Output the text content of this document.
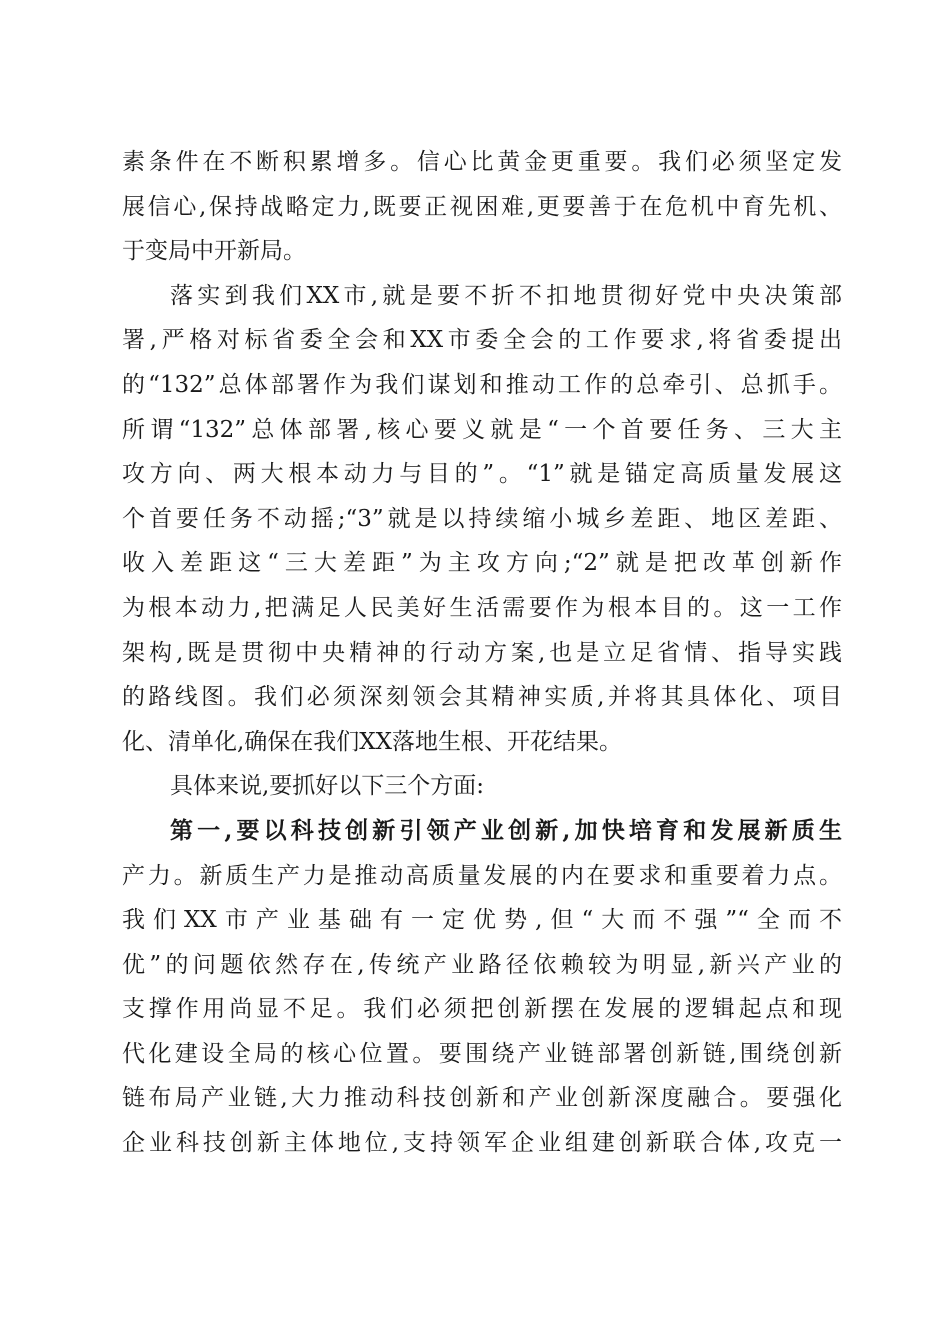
素条件在不断积累增多。信心比黄金更重要。我们必须坚定发
展信心,保持战略定力,既要正视困难,更要善于在危机中育先机、
于变局中开新局。
落实到我们XX市,就是要不折不扣地贯彻好党中央决策部
署,严格对标省委全会和XX市委全会的工作要求,将省委提出
的“132”总体部署作为我们谋划和推动工作的总牵引、总抓手。
所谓“132”总体部署,核心要义就是“一个首要任务、三大主
攻方向、两大根本动力与目的”。“1”就是锚定高质量发展这
个首要任务不动摇;“3”就是以持续缩小城乡差距、地区差距、
收入差距这“三大差距”为主攻方向;“2”就是把改革创新作
为根本动力,把满足人民美好生活需要作为根本目的。这一工作
架构,既是贯彻中央精神的行动方案,也是立足省情、指导实践
的路线图。我们必须深刻领会其精神实质,并将其具体化、项目
化、清单化,确保在我们XX落地生根、开花结果。
具体来说,要抓好以下三个方面:
第一,要以科技创新引领产业创新,加快培育和发展新质生
产力。新质生产力是推动高质量发展的内在要求和重要着力点。
我们XX市产业基础有一定优势,但“大而不强”“全而不
优”的问题依然存在,传统产业路径依赖较为明显,新兴产业的
支撑作用尚显不足。我们必须把创新摆在发展的逻辑起点和现
代化建设全局的核心位置。要围绕产业链部署创新链,围绕创新
链布局产业链,大力推动科技创新和产业创新深度融合。要强化
企业科技创新主体地位,支持领军企业组建创新联合体,攻克一
